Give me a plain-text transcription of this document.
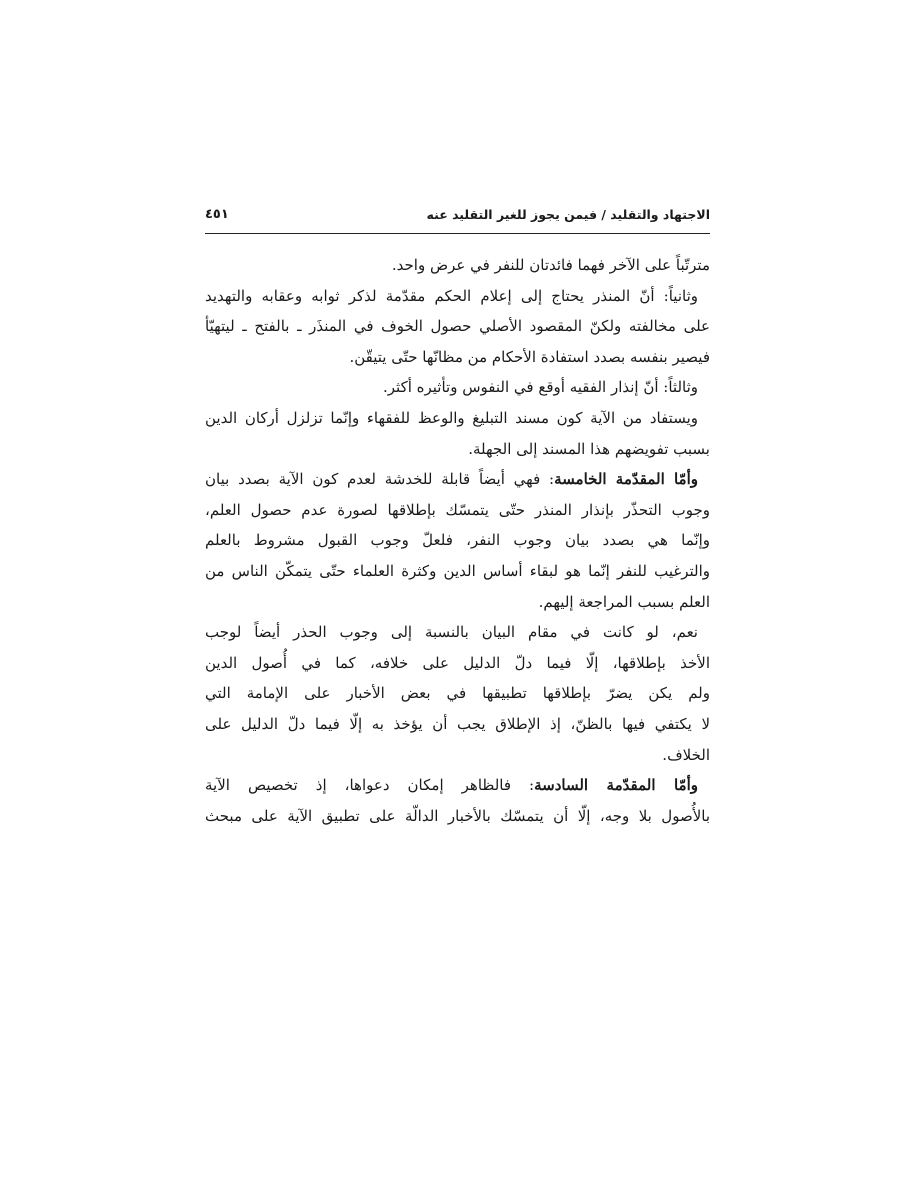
الاجتهاد والتقليد / فيمن يجوز للغير التقليد عنه
٤٥١
مترتّباً على الآخر فهما فائدتان للنفر في عرض واحد.
وثانياً: أنّ المنذر يحتاج إلى إعلام الحكم مقدّمة لذكر ثوابه وعقابه والتهديد
على مخالفته ولكنّ المقصود الأصلي حصول الخوف في المنذَر ـ بالفتح ـ ليتهيّأ
فيصير بنفسه بصدد استفادة الأحكام من مظانّها حتّى يتيقّن.
وثالثاً: أنّ إنذار الفقيه أوقع في النفوس وتأثيره أكثر.
ويستفاد من الآية كون مسند التبليغ والوعظ للفقهاء وإنّما تزلزل أركان الدين
بسبب تفويضهم هذا المسند إلى الجهلة.
وأمّا المقدّمة الخامسة: فهي أيضاً قابلة للخدشة لعدم كون الآية بصدد بيان
وجوب التحذّر بإنذار المنذر حتّى يتمسّك بإطلاقها لصورة عدم حصول العلم،
وإنّما هي بصدد بيان وجوب النفر، فلعلّ وجوب القبول مشروط بالعلم
والترغيب للنفر إنّما هو لبقاء أساس الدين وكثرة العلماء حتّى يتمكّن الناس من
العلم بسبب المراجعة إليهم.
نعم، لو كانت في مقام البيان بالنسبة إلى وجوب الحذر أيضاً لوجب
الأخذ بإطلاقها، إلّا فيما دلّ الدليل على خلافه، كما في أُصول الدين
ولم يكن يضرّ بإطلاقها تطبيقها في بعض الأخبار على الإمامة التي
لا يكتفي فيها بالظنّ، إذ الإطلاق يجب أن يؤخذ به إلّا فيما دلّ الدليل على
الخلاف.
وأمّا المقدّمة السادسة: فالظاهر إمكان دعواها، إذ تخصيص الآية
بالأُصول بلا وجه، إلّا أن يتمسّك بالأخبار الدالّة على تطبيق الآية على مبحث
